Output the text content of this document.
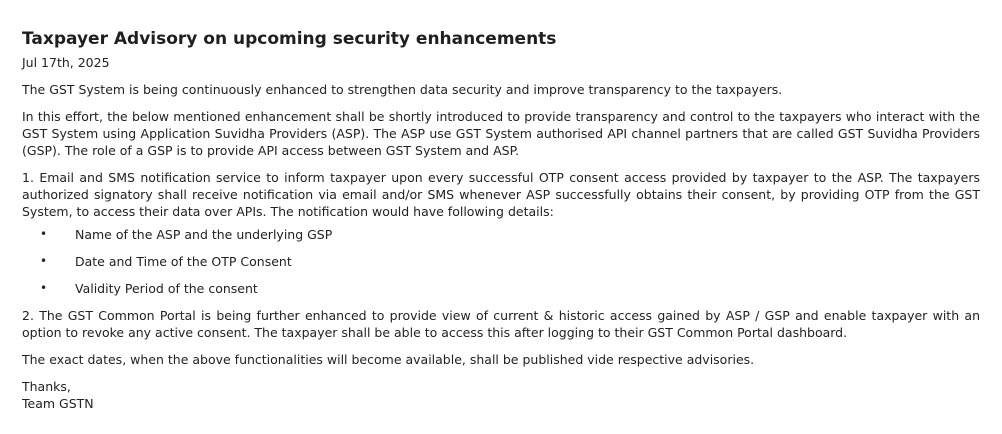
Taxpayer Advisory on upcoming security enhancements
Jul 17th, 2025

The GST System is being continuously enhanced to strengthen data security and improve transparency to the taxpayers.

In this effort, the below mentioned enhancement shall be shortly introduced to provide transparency and control to the taxpayers who interact with the GST System using Application Suvidha Providers (ASP). The ASP use GST System authorised API channel partners that are called GST Suvidha Providers (GSP). The role of a GSP is to provide API access between GST System and ASP.

1. Email and SMS notification service to inform taxpayer upon every successful OTP consent access provided by taxpayer to the ASP. The taxpayers authorized signatory shall receive notification via email and/or SMS whenever ASP successfully obtains their consent, by providing OTP from the GST System, to access their data over APIs. The notification would have following details:

• Name of the ASP and the underlying GSP
• Date and Time of the OTP Consent
• Validity Period of the consent

2. The GST Common Portal is being further enhanced to provide view of current & historic access gained by ASP / GSP and enable taxpayer with an option to revoke any active consent. The taxpayer shall be able to access this after logging to their GST Common Portal dashboard.

The exact dates, when the above functionalities will become available, shall be published vide respective advisories.

Thanks,
Team GSTN
